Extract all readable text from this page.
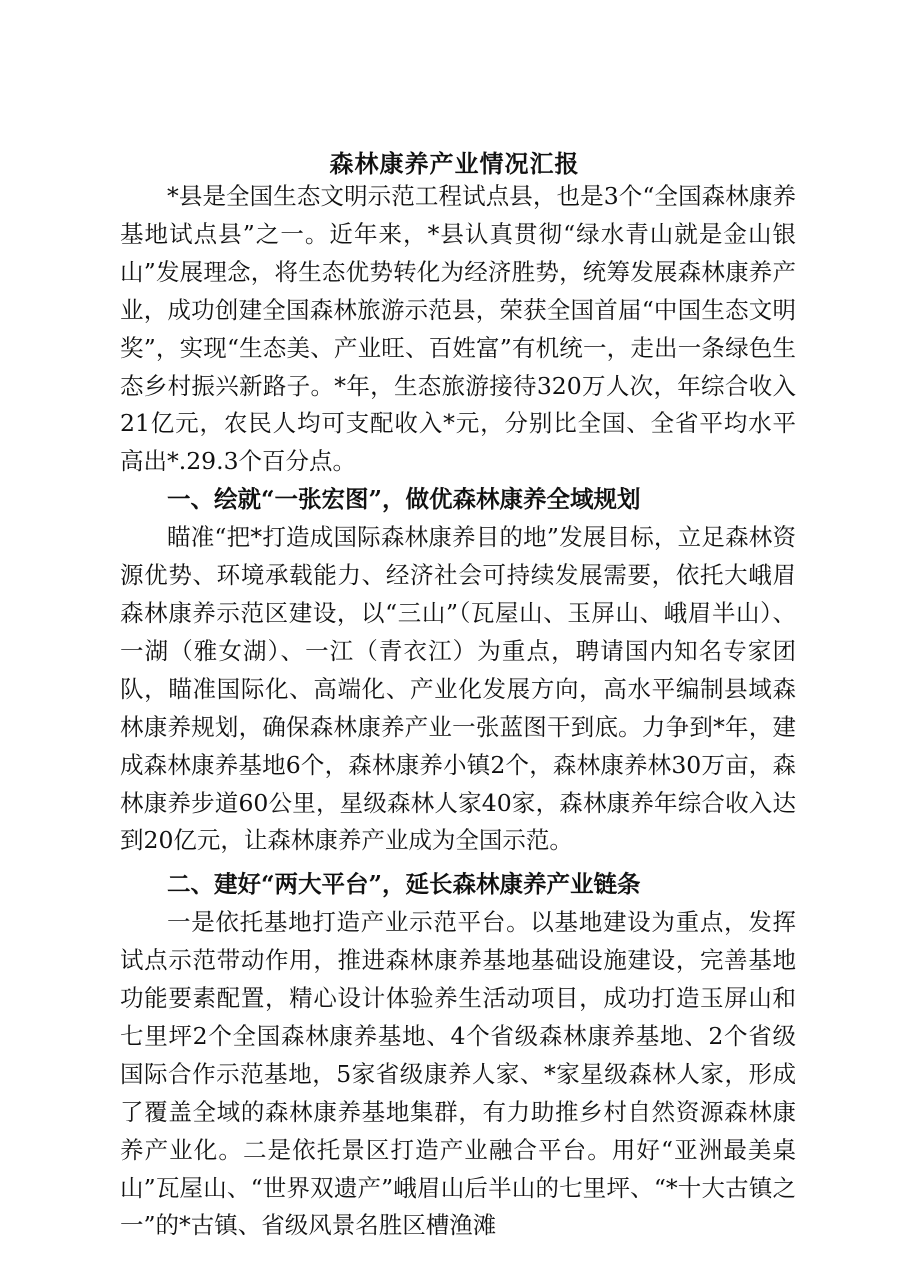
森林康养产业情况汇报

*县是全国生态文明示范工程试点县，也是3个“全国森林康养基地试点县”之一。近年来，*县认真贯彻“绿水青山就是金山银山”发展理念，将生态优势转化为经济胜势，统筹发展森林康养产业，成功创建全国森林旅游示范县，荣获全国首届“中国生态文明奖”，实现“生态美、产业旺、百姓富”有机统一，走出一条绿色生态乡村振兴新路子。*年，生态旅游接待320万人次，年综合收入21亿元，农民人均可支配收入*元，分别比全国、全省平均水平高出*.29.3个百分点。

一、绘就“一张宏图”，做优森林康养全域规划

瞄准“把*打造成国际森林康养目的地”发展目标，立足森林资源优势、环境承载能力、经济社会可持续发展需要，依托大峨眉森林康养示范区建设，以“三山”（瓦屋山、玉屏山、峨眉半山）、一湖（雅女湖）、一江（青衣江）为重点，聘请国内知名专家团队，瞄准国际化、高端化、产业化发展方向，高水平编制县域森林康养规划，确保森林康养产业一张蓝图干到底。力争到*年，建成森林康养基地6个，森林康养小镇2个，森林康养林30万亩，森林康养步道60公里，星级森林人家40家，森林康养年综合收入达到20亿元，让森林康养产业成为全国示范。

二、建好“两大平台”，延长森林康养产业链条

一是依托基地打造产业示范平台。以基地建设为重点，发挥试点示范带动作用，推进森林康养基地基础设施建设，完善基地功能要素配置，精心设计体验养生活动项目，成功打造玉屏山和七里坪2个全国森林康养基地、4个省级森林康养基地、2个省级国际合作示范基地，5家省级康养人家、*家星级森林人家，形成了覆盖全域的森林康养基地集群，有力助推乡村自然资源森林康养产业化。二是依托景区打造产业融合平台。用好“亚洲最美桌山”瓦屋山、“世界双遗产”峨眉山后半山的七里坪、“*十大古镇之一”的*古镇、省级风景名胜区槽渔滩
